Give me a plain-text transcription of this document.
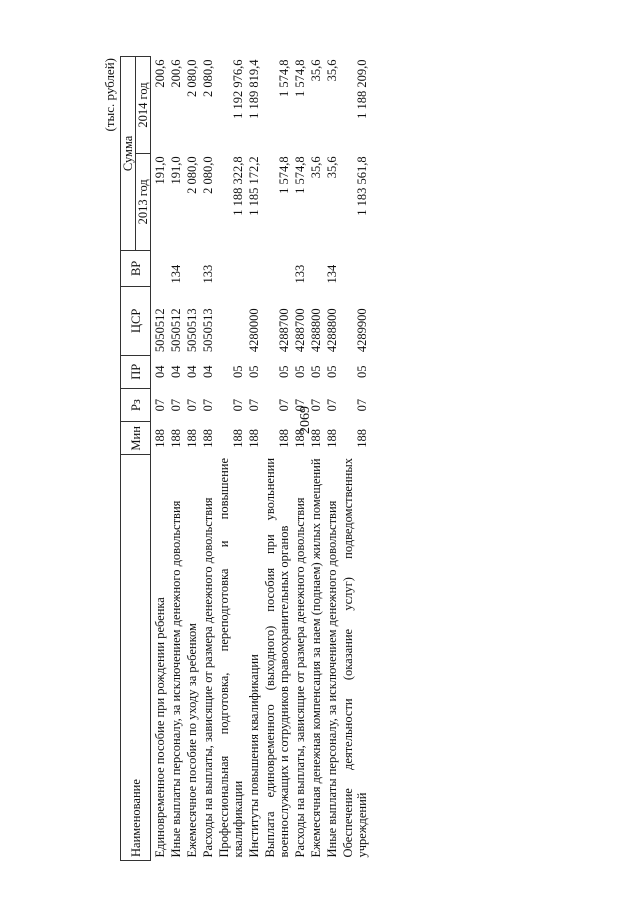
2069
(тыс. рублей)
Наименование	Мин	Рз	ПР	ЦСР	ВР	Сумма	
						2013 год	2014 год
Единовременное пособие при рождении ребенка	188	07	04	5050512		191,0	200,6
Иные выплаты персоналу, за исключением денежного довольствия	188	07	04	5050512	134	191,0	200,6
Ежемесячное пособие по уходу за ребенком	188	07	04	5050513		2 080,0	2 080,0
Расходы на выплаты, зависящие от размера денежного довольствия	188	07	04	5050513	133	2 080,0	2 080,0
Профессиональная подготовка, переподготовка и повышение квалификации	188	07	05			1 188 322,8	1 192 976,6
Институты повышения квалификации	188	07	05	4280000		1 185 172,2	1 189 819,4
Выплата единовременного (выходного) пособия при увольнении военнослужащих и сотрудников правоохранительных органов	188	07	05	4288700		1 574,8	1 574,8
Расходы на выплаты, зависящие от размера денежного довольствия	188	07	05	4288700	133	1 574,8	1 574,8
Ежемесячная денежная компенсация за наем (поднаем) жилых помещений	188	07	05	4288800		35,6	35,6
Иные выплаты персоналу, за исключением денежного довольствия	188	07	05	4288800	134	35,6	35,6
Обеспечение деятельности (оказание услуг) подведомственных учреждений	188	07	05	4289900		1 183 561,8	1 188 209,0
